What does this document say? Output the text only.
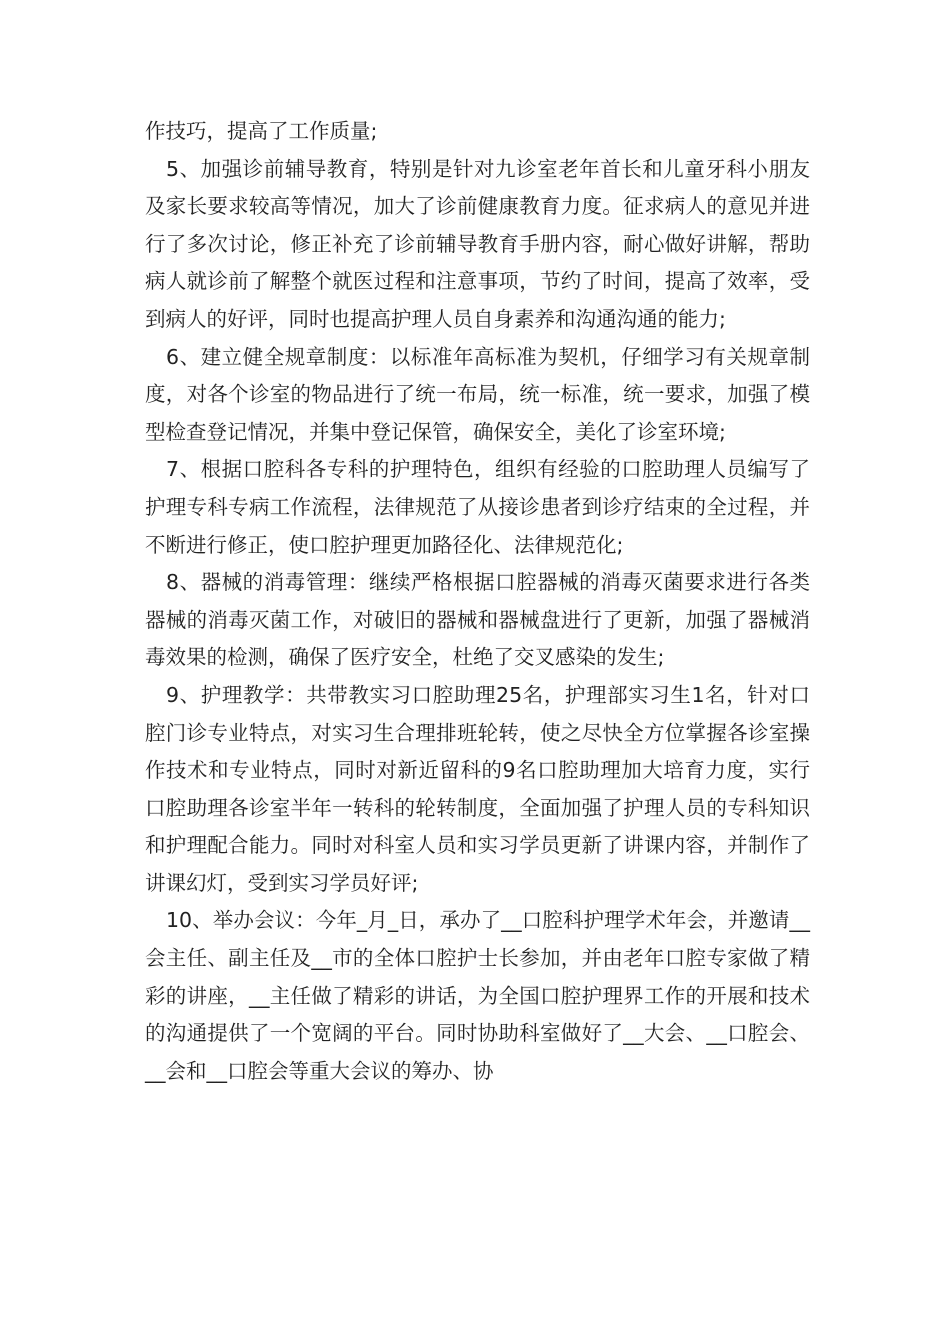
作技巧，提高了工作质量;

5、加强诊前辅导教育，特别是针对九诊室老年首长和儿童牙科小朋友及家长要求较高等情况，加大了诊前健康教育力度。征求病人的意见并进行了多次讨论，修正补充了诊前辅导教育手册内容，耐心做好讲解，帮助病人就诊前了解整个就医过程和注意事项，节约了时间，提高了效率，受到病人的好评，同时也提高护理人员自身素养和沟通沟通的能力;

6、建立健全规章制度：以标准年高标准为契机，仔细学习有关规章制度，对各个诊室的物品进行了统一布局，统一标准，统一要求，加强了模型检查登记情况，并集中登记保管，确保安全，美化了诊室环境;

7、根据口腔科各专科的护理特色，组织有经验的口腔助理人员编写了护理专科专病工作流程，法律规范了从接诊患者到诊疗结束的全过程，并不断进行修正，使口腔护理更加路径化、法律规范化;

8、器械的消毒管理：继续严格根据口腔器械的消毒灭菌要求进行各类器械的消毒灭菌工作，对破旧的器械和器械盘进行了更新，加强了器械消毒效果的检测，确保了医疗安全，杜绝了交叉感染的发生;

9、护理教学：共带教实习口腔助理25名，护理部实习生1名，针对口腔门诊专业特点，对实习生合理排班轮转，使之尽快全方位掌握各诊室操作技术和专业特点，同时对新近留科的9名口腔助理加大培育力度，实行口腔助理各诊室半年一转科的轮转制度，全面加强了护理人员的专科知识和护理配合能力。同时对科室人员和实习学员更新了讲课内容，并制作了讲课幻灯，受到实习学员好评;

10、举办会议：今年_月_日，承办了__口腔科护理学术年会，并邀请__会主任、副主任及__市的全体口腔护士长参加，并由老年口腔专家做了精彩的讲座，__主任做了精彩的讲话，为全国口腔护理界工作的开展和技术的沟通提供了一个宽阔的平台。同时协助科室做好了__大会、__口腔会、__会和__口腔会等重大会议的筹办、协
